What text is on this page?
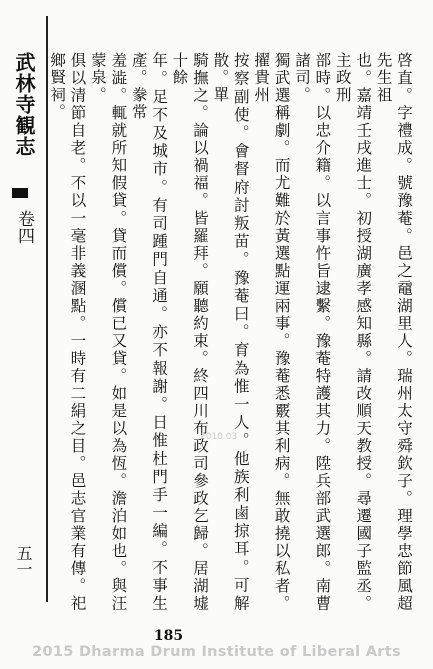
武林寺観志
卷四
五一	啓直。字禮成。號豫菴。邑之黿湖里人。瑞州太守舜欽子。理學忠節風超先生祖

也。嘉靖壬戌進士。初授湖廣孝感知縣。請改順天教授。尋遷國子監丞。主政刑

部時。以忠介籍。以言事忤旨逮繫。豫菴特護其力。陞兵部武選郎。南曹諸司。

獨武選稱劇。而尤難於黃選點運兩事。豫菴悉覈其利病。無敢撓以私者。擢貴州

按察副使。會督府討叛苗。豫菴曰。育為惟一人。他族利鹵掠耳。可解散。單

騎撫之。論以禍福。皆羅拜。願聽約束。終四川布政司參政乞歸。居湖墟十餘

年。足不及城市。有司踵門自通。亦不報謝。日惟杜門手一編。不事生產。豢常

羞澁。輒就所知假貸。貸而償。償已又貸。如是以為恆。澹泊如也。與汪蒙泉。

俱以清節自老。不以一毫非義溷點。一時有二絹之目。邑志官業有傳。祀鄉賢祠。

2010 03
185
2015 Dharma Drum Institute of Liberal Arts
